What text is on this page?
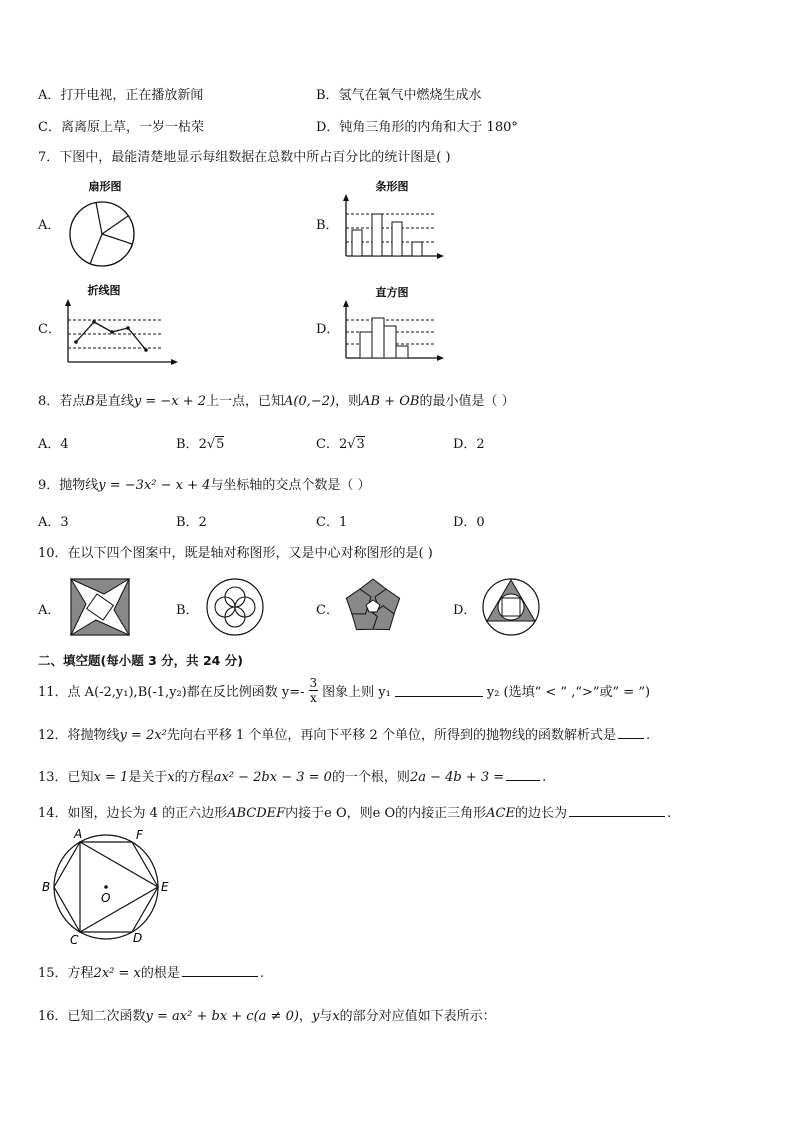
A．打开电视，正在播放新闻	B．氢气在氧气中燃烧生成水
C．离离原上草，一岁一枯荣	D．钝角三角形的内角和大于 180°
7．下图中，最能清楚地显示每组数据在总数中所占百分比的统计图是( )
A．
扇形图
B．
条形图
C．
折线图
D．
直方图
8．若点B是直线y = −x + 2上一点，已知A(0,−2)，则AB + OB的最小值是（ ）
A．4	B．2√5	C．2√3	D．2
9．抛物线y = −3x² − x + 4与坐标轴的交点个数是（ ）
A．3	B．2	C．1	D．0
10．在以下四个图案中，既是轴对称图形，又是中心对称图形的是( )
A．	B．	C．	D．
二、填空题(每小题 3 分，共 24 分)
11．点 A(-2,y₁),B(-1,y₂)都在反比例函数 $y=- \frac{3}{x}$ 图象上则 y₁	y₂ (选填“ < ” ,“>”或” = ”)
12．将抛物线y = 2x²先向右平移 1 个单位，再向下平移 2 个单位，所得到的抛物线的函数解析式是 .
13．已知x = 1是关于x的方程ax² − 2bx − 3 = 0的一个根，则2a − 4b + 3 =	.
14．如图，边长为 4 的正六边形ABCDEF内接于e O，则e O的内接正三角形ACE的边长为	.
A	F
B	E
C	D
O
15．方程2x² = x的根是	.
16．已知二次函数y = ax² + bx + c(a ≠ 0)，y与x的部分对应值如下表所示：
